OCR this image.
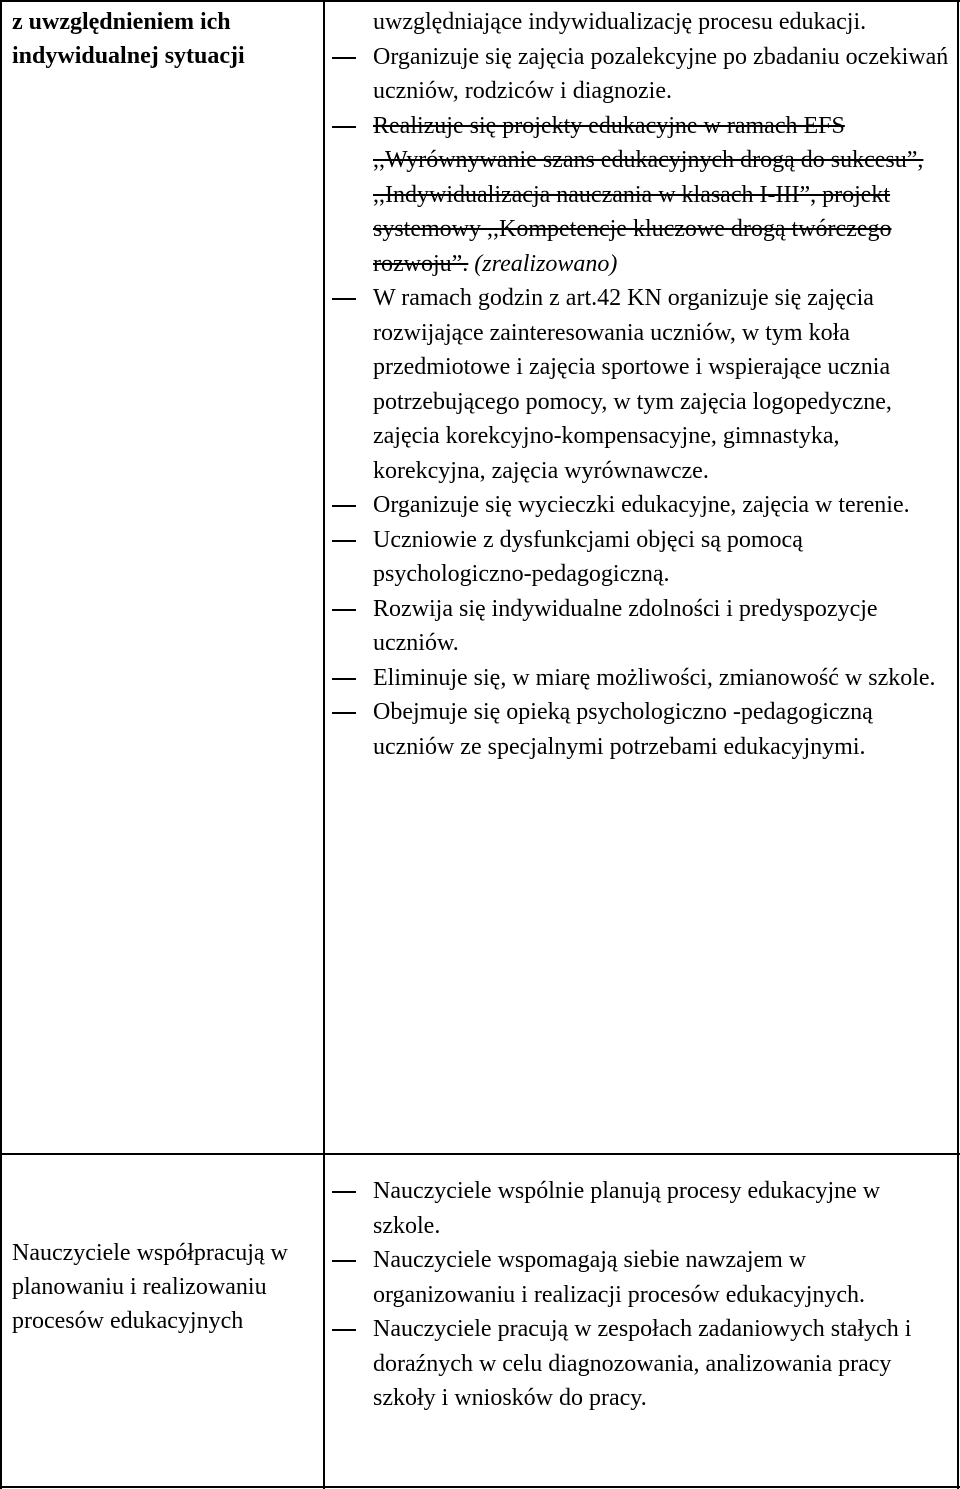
z uwzględnieniem ich indywidualnej sytuacji
uwzględniające indywidualizację procesu edukacji.
Organizuje się zajęcia pozalekcyjne po zbadaniu oczekiwań uczniów, rodziców i diagnozie.
Realizuje się projekty edukacyjne w ramach EFS ,,Wyrównywanie szans edukacyjnych drogą do sukcesu”, ,,Indywidualizacja nauczania w klasach I-III”, projekt systemowy ,,Kompetencje kluczowe drogą twórczego rozwoju”. (zrealizowano)
W ramach godzin z art.42 KN organizuje się zajęcia rozwijające zainteresowania uczniów, w tym koła przedmiotowe i zajęcia sportowe i wspierające ucznia potrzebującego pomocy, w tym zajęcia logopedyczne, zajęcia korekcyjno-kompensacyjne, gimnastyka, korekcyjna, zajęcia wyrównawcze.
Organizuje się wycieczki edukacyjne, zajęcia w terenie.
Uczniowie z dysfunkcjami objęci są pomocą psychologiczno-pedagogiczną.
Rozwija się indywidualne zdolności i predyspozycje uczniów.
Eliminuje się, w miarę możliwości, zmianowość w szkole.
Obejmuje się opieką psychologiczno -pedagogiczną uczniów ze specjalnymi potrzebami edukacyjnymi.
Nauczyciele współpracują w planowaniu i realizowaniu procesów edukacyjnych
Nauczyciele wspólnie planują procesy edukacyjne w szkole.
Nauczyciele wspomagają siebie nawzajem w organizowaniu i realizacji procesów edukacyjnych.
Nauczyciele pracują w zespołach zadaniowych stałych i doraźnych w celu diagnozowania, analizowania pracy szkoły i wniosków do pracy.
